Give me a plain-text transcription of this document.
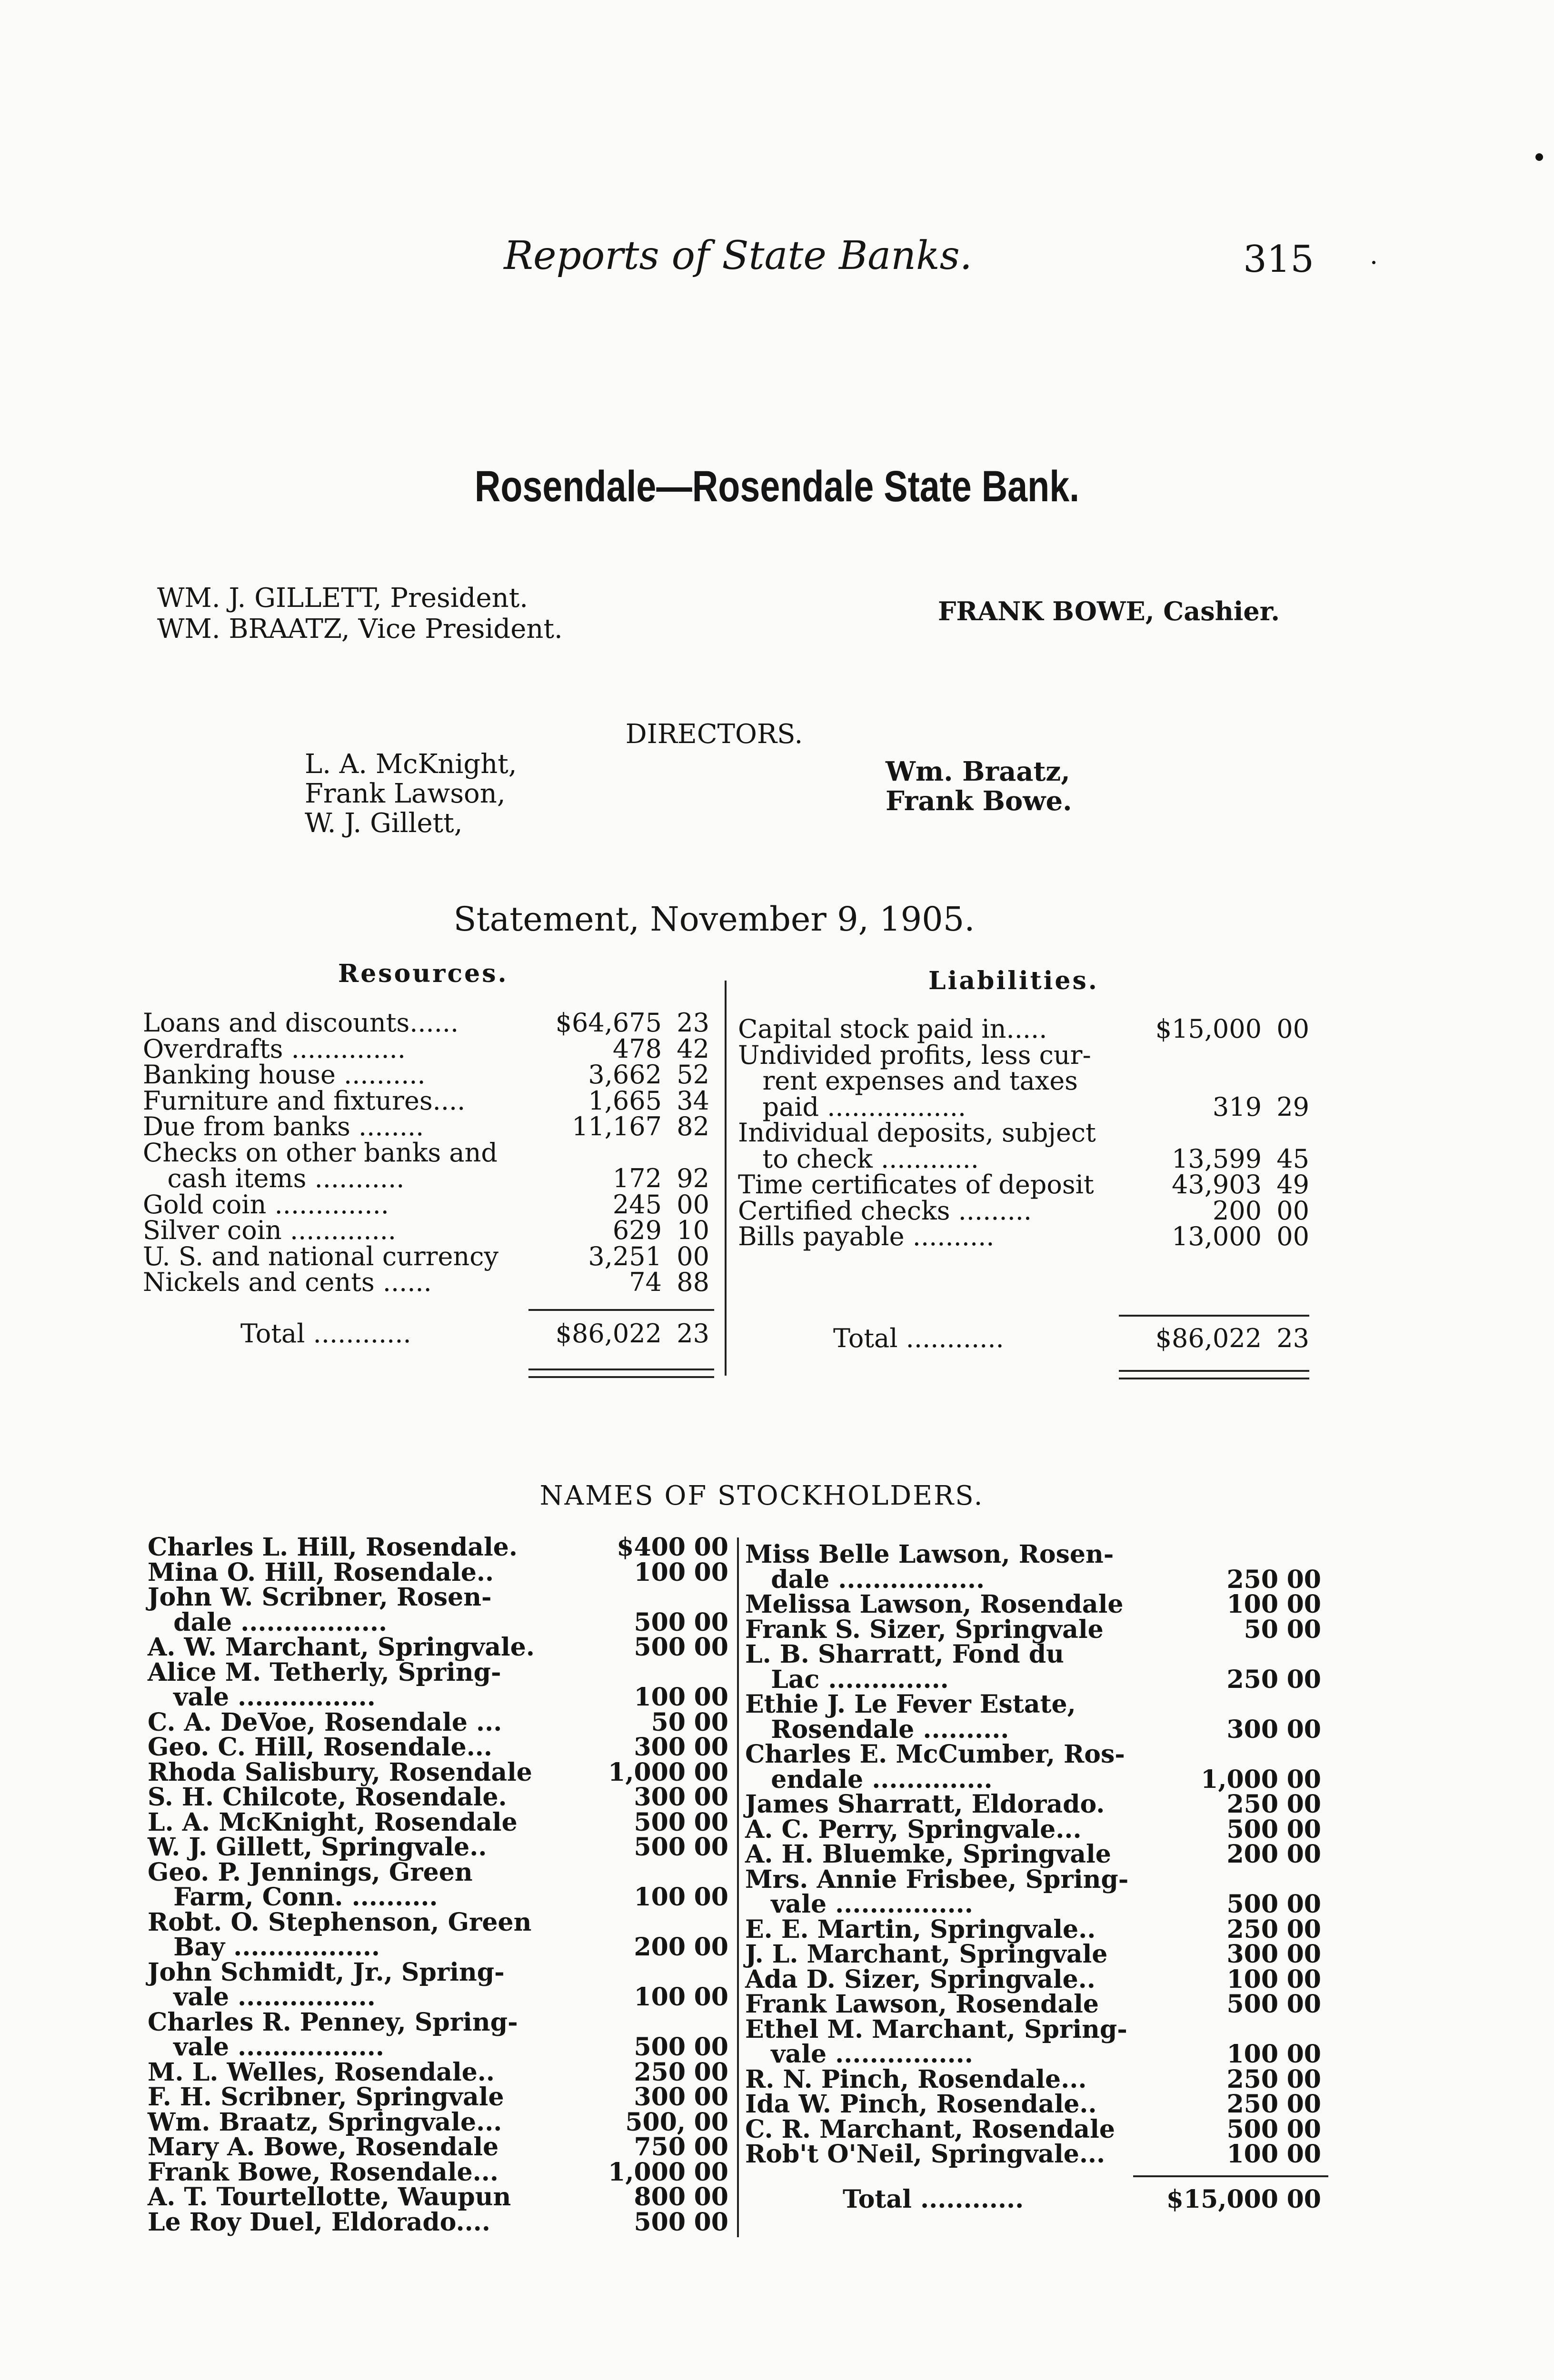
Reports of State Banks.	315
Rosendale—Rosendale State Bank.
WM. J. GILLETT, President.
WM. BRAATZ, Vice President.
FRANK BOWE, Cashier.
DIRECTORS.
L. A. McKnight,
Frank Lawson,
W. J. Gillett,
Wm. Braatz,
Frank Bowe.
Statement, November 9, 1905.
Resources.	Liabilities.
Loans and discounts......	$64,675 23
Overdrafts ..............	478 42
Banking house ..........	3,662 52
Furniture and fixtures....	1,665 34
Due from banks ........	11,167 82
Checks on other banks and
cash items ...........	172 92
Gold coin ..............	245 00
Silver coin .............	629 10
U. S. and national currency	3,251 00
Nickels and cents ......	74 88
Total ............	$86,022 23
Capital stock paid in.....	$15,000 00
Undivided profits, less cur-
rent expenses and taxes
paid .................	319 29
Individual deposits, subject
to check ............	13,599 45
Time certificates of deposit	43,903 49
Certified checks .........	200 00
Bills payable ..........	13,000 00
Total ............	$86,022 23
NAMES OF STOCKHOLDERS.
Charles L. Hill, Rosendale.	$400 00
Mina O. Hill, Rosendale..	100 00
John W. Scribner, Rosen-
dale .................	500 00
A. W. Marchant, Springvale.	500 00
Alice M. Tetherly, Spring-
vale ................	100 00
C. A. DeVoe, Rosendale ...	50 00
Geo. C. Hill, Rosendale...	300 00
Rhoda Salisbury, Rosendale	1,000 00
S. H. Chilcote, Rosendale.	300 00
L. A. McKnight, Rosendale	500 00
W. J. Gillett, Springvale..	500 00
Geo. P. Jennings, Green
Farm, Conn. ..........	100 00
Robt. O. Stephenson, Green
Bay .................	200 00
John Schmidt, Jr., Spring-
vale ................	100 00
Charles R. Penney, Spring-
vale .................	500 00
M. L. Welles, Rosendale..	250 00
F. H. Scribner, Springvale	300 00
Wm. Braatz, Springvale...	500, 00
Mary A. Bowe, Rosendale	750 00
Frank Bowe, Rosendale...	1,000 00
A. T. Tourtellotte, Waupun	800 00
Le Roy Duel, Eldorado....	500 00
Miss Belle Lawson, Rosen-
dale .................	250 00
Melissa Lawson, Rosendale	100 00
Frank S. Sizer, Springvale	50 00
L. B. Sharratt, Fond du
Lac ..............	250 00
Ethie J. Le Fever Estate,
Rosendale ..........	300 00
Charles E. McCumber, Ros-
endale ..............	1,000 00
James Sharratt, Eldorado.	250 00
A. C. Perry, Springvale...	500 00
A. H. Bluemke, Springvale	200 00
Mrs. Annie Frisbee, Spring-
vale ................	500 00
E. E. Martin, Springvale..	250 00
J. L. Marchant, Springvale	300 00
Ada D. Sizer, Springvale..	100 00
Frank Lawson, Rosendale	500 00
Ethel M. Marchant, Spring-
vale ................	100 00
R. N. Pinch, Rosendale...	250 00
Ida W. Pinch, Rosendale..	250 00
C. R. Marchant, Rosendale	500 00
Rob't O'Neil, Springvale...	100 00
Total ............	$15,000 00
